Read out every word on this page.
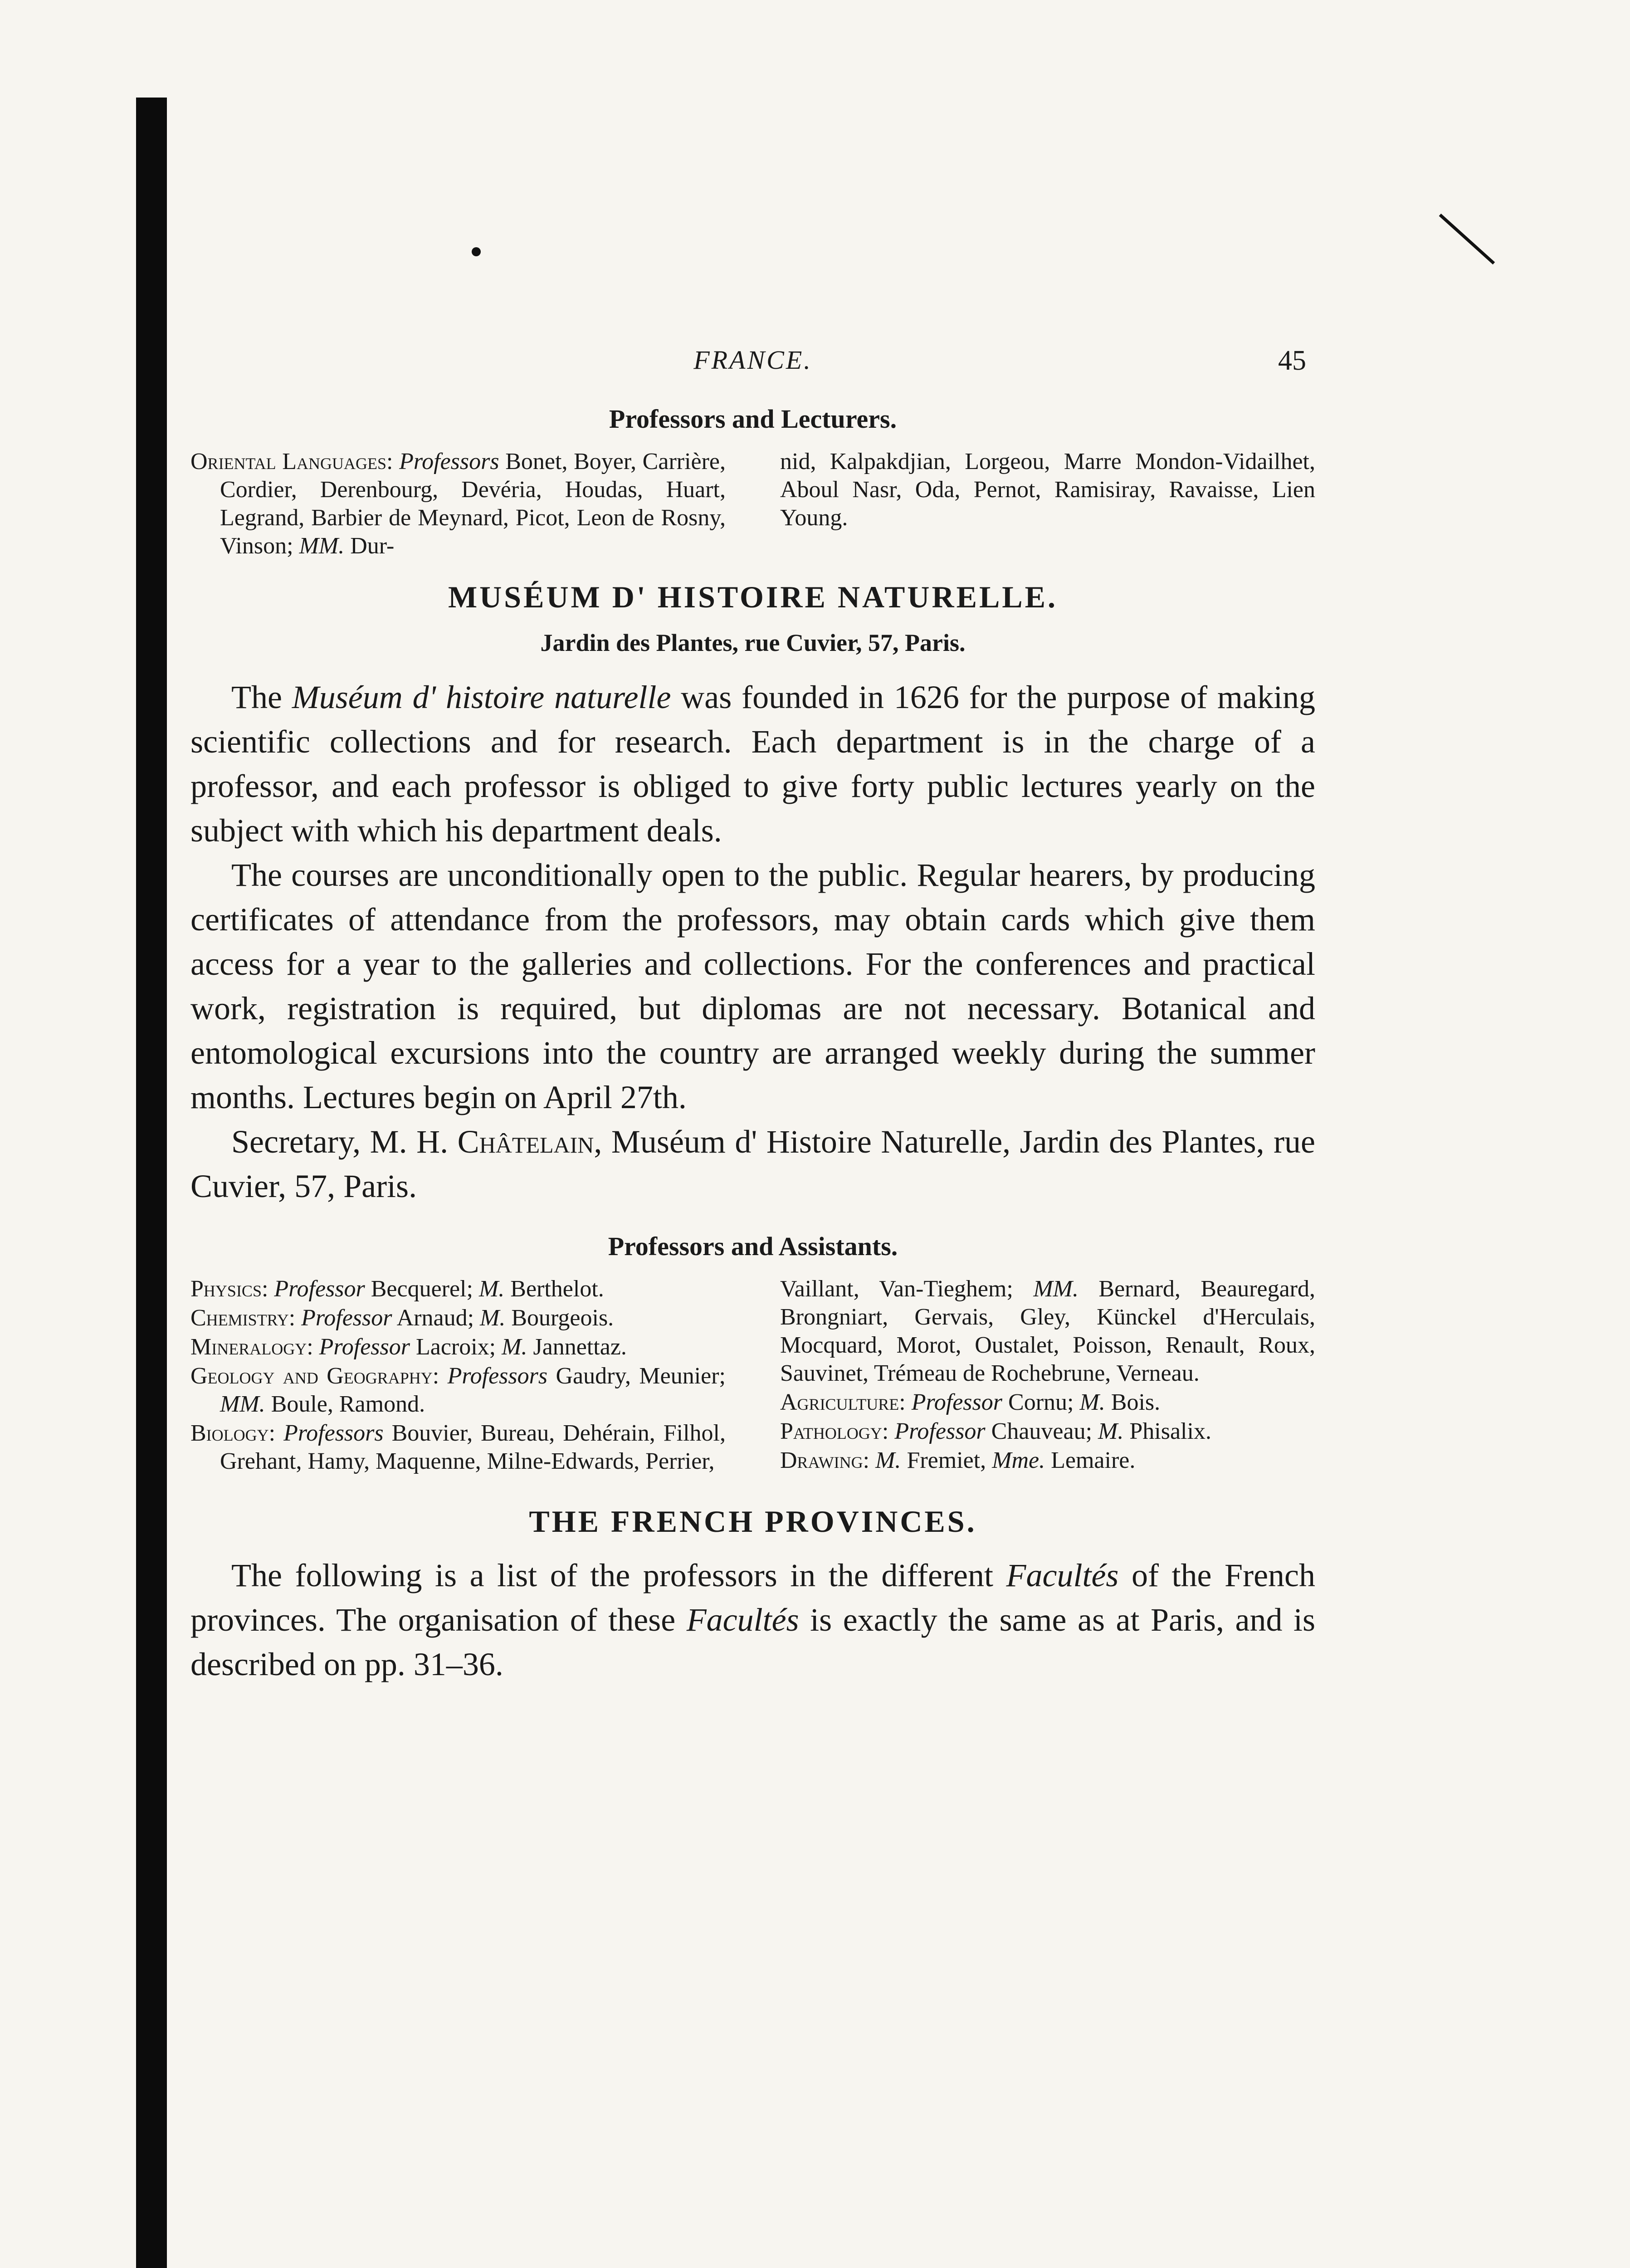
FRANCE.	45
Professors and Lecturers.
Oriental Languages: Professors Bonet, Boyer, Carrière, Cordier, Derenbourg, Devéria, Houdas, Huart, Legrand, Barbier de Meynard, Picot, Leon de Rosny, Vinson; MM. Dur-
nid, Kalpakdjian, Lorgeou, Marre Mondon-Vidailhet, Aboul Nasr, Oda, Pernot, Ramisiray, Ravaisse, Lien Young.
MUSÉUM D' HISTOIRE NATURELLE.
Jardin des Plantes, rue Cuvier, 57, Paris.

The Muséum d' histoire naturelle was founded in 1626 for the purpose of making scientific collections and for research. Each department is in the charge of a professor, and each professor is obliged to give forty public lectures yearly on the subject with which his department deals.

The courses are unconditionally open to the public. Regular hearers, by producing certificates of attendance from the professors, may obtain cards which give them access for a year to the galleries and collections. For the conferences and practical work, registration is required, but diplomas are not necessary. Botanical and entomological excursions into the country are arranged weekly during the summer months. Lectures begin on April 27th.

Secretary, M. H. Châtelain, Muséum d' Histoire Naturelle, Jardin des Plantes, rue Cuvier, 57, Paris.

Professors and Assistants.
Physics: Professor Becquerel; M. Berthelot.
Chemistry: Professor Arnaud; M. Bourgeois.
Mineralogy: Professor Lacroix; M. Jannettaz.
Geology and Geography: Professors Gaudry, Meunier; MM. Boule, Ramond.
Biology: Professors Bouvier, Bureau, Dehérain, Filhol, Grehant, Hamy, Maquenne, Milne-Edwards, Perrier,
Vaillant, Van-Tieghem; MM. Bernard, Beauregard, Brongniart, Gervais, Gley, Künckel d'Herculais, Mocquard, Morot, Oustalet, Poisson, Renault, Roux, Sauvinet, Trémeau de Rochebrune, Verneau.
Agriculture: Professor Cornu; M. Bois.
Pathology: Professor Chauveau; M. Phisalix.
Drawing: M. Fremiet, Mme. Lemaire.
THE FRENCH PROVINCES.

The following is a list of the professors in the different Facultés of the French provinces. The organisation of these Facultés is exactly the same as at Paris, and is described on pp. 31–36.
